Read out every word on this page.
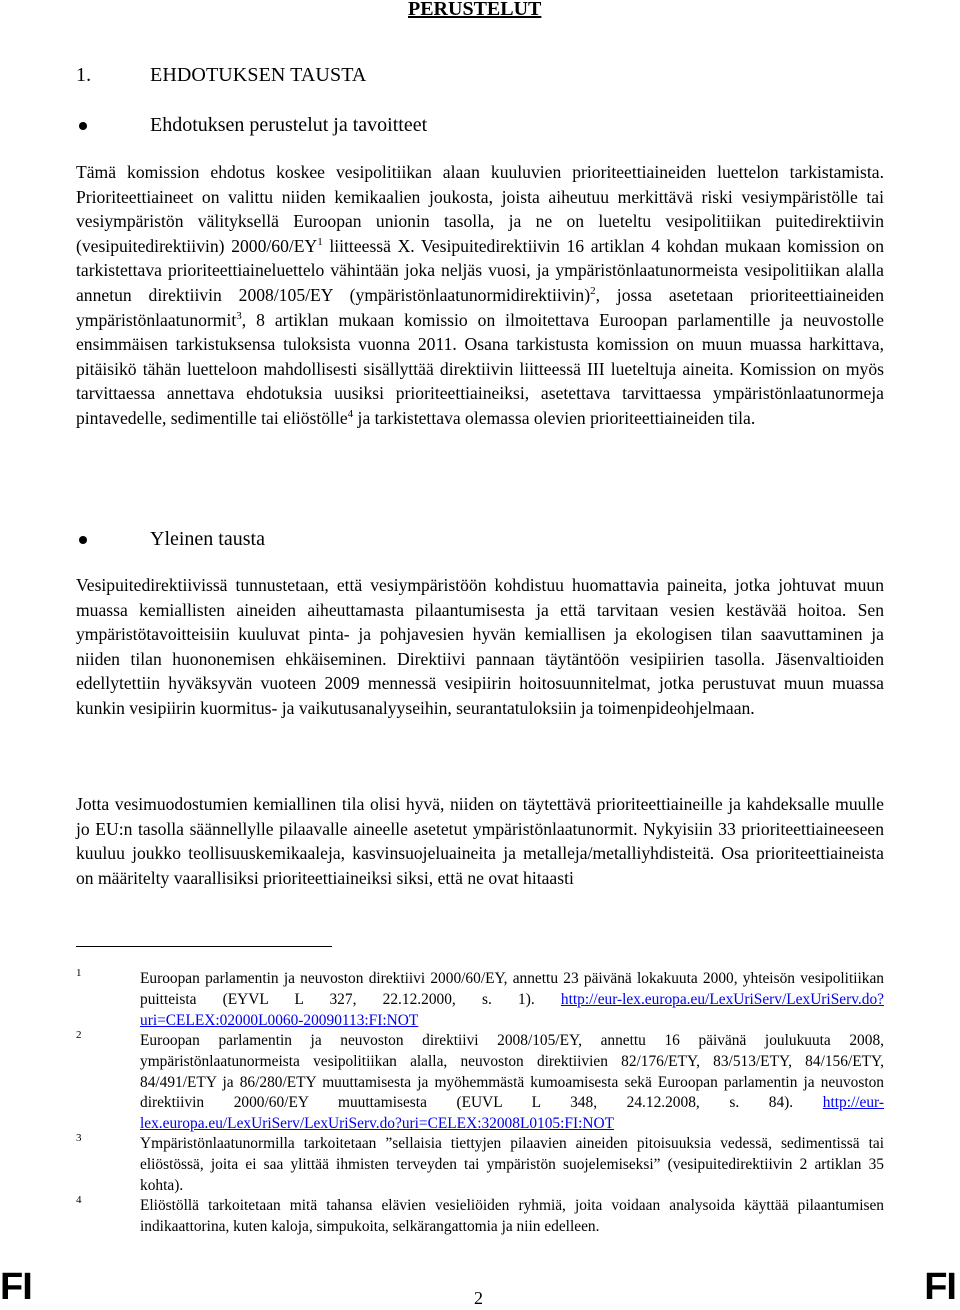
PERUSTELUT
1.	EHDOTUKSEN TAUSTA
Ehdotuksen perustelut ja tavoitteet

Tämä komission ehdotus koskee vesipolitiikan alaan kuuluvien prioriteettiaineiden luettelon tarkistamista. Prioriteettiaineet on valittu niiden kemikaalien joukosta, joista aiheutuu merkittävä riski vesiympäristölle tai vesiympäristön välityksellä Euroopan unionin tasolla, ja ne on lueteltu vesipolitiikan puitedirektiivin (vesipuitedirektiivin) $2000/60/EY^1$ liitteessä X. Vesipuitedirektiivin 16 artiklan 4 kohdan mukaan komission on tarkistettava prioriteettiaineluettelo vähintään joka neljäs vuosi, ja ympäristönlaatunormeista vesipolitiikan alalla annetun direktiivin 2008/105/EY (ympäristönlaatunormidirektiivin)$^2$, jossa asetetaan prioriteettiaineiden ympäristönlaatunormit$^3$, 8 artiklan mukaan komissio on ilmoitettava Euroopan parlamentille ja neuvostolle ensimmäisen tarkistuksensa tuloksista vuonna 2011. Osana tarkistusta komission on muun muassa harkittava, pitäisikö tähän luetteloon mahdollisesti sisällyttää direktiivin liitteessä III lueteltuja aineita. Komission on myös tarvittaessa annettava ehdotuksia uusiksi prioriteettiaineiksi, asetettava tarvittaessa ympäristönlaatunormeja pintavedelle, sedimentille tai eliöstölle$^4$ ja tarkistettava olemassa olevien prioriteettiaineiden tila.

Yleinen tausta

Vesipuitedirektiivissä tunnustetaan, että vesiympäristöön kohdistuu huomattavia paineita, jotka johtuvat muun muassa kemiallisten aineiden aiheuttamasta pilaantumisesta ja että tarvitaan vesien kestävää hoitoa. Sen ympäristötavoitteisiin kuuluvat pinta- ja pohjavesien hyvän kemiallisen ja ekologisen tilan saavuttaminen ja niiden tilan huononemisen ehkäiseminen. Direktiivi pannaan täytäntöön vesipiirien tasolla. Jäsenvaltioiden edellytettiin hyväksyvän vuoteen 2009 mennessä vesipiirin hoitosuunnitelmat, jotka perustuvat muun muassa kunkin vesipiirin kuormitus- ja vaikutusanalyyseihin, seurantatuloksiin ja toimenpideohjelmaan.

Jotta vesimuodostumien kemiallinen tila olisi hyvä, niiden on täytettävä prioriteettiaineille ja kahdeksalle muulle jo EU:n tasolla säännellylle pilaavalle aineelle asetetut ympäristönlaatunormit. Nykyisiin 33 prioriteettiaineeseen kuuluu joukko teollisuuskemikaaleja, kasvinsuojeluaineita ja metalleja/metalliyhdisteitä. Osa prioriteettiaineista on määritelty vaarallisiksi prioriteettiaineiksi siksi, että ne ovat hitaasti

1	Euroopan parlamentin ja neuvoston direktiivi 2000/60/EY, annettu 23 päivänä lokakuuta 2000, yhteisön vesipolitiikan puitteista (EYVL L 327, 22.12.2000, s. 1). http://eur-lex.europa.eu/LexUriServ/LexUriServ.do?uri=CELEX:02000L0060-20090113:FI:NOT
2	Euroopan parlamentin ja neuvoston direktiivi 2008/105/EY, annettu 16 päivänä joulukuuta 2008, ympäristönlaatunormeista vesipolitiikan alalla, neuvoston direktiivien 82/176/ETY, 83/513/ETY, 84/156/ETY, 84/491/ETY ja 86/280/ETY muuttamisesta ja myöhemmästä kumoamisesta sekä Euroopan parlamentin ja neuvoston direktiivin 2000/60/EY muuttamisesta (EUVL L 348, 24.12.2008, s. 84). http://eur-lex.europa.eu/LexUriServ/LexUriServ.do?uri=CELEX:32008L0105:FI:NOT
3	Ympäristönlaatunormilla tarkoitetaan ”sellaisia tiettyjen pilaavien aineiden pitoisuuksia vedessä, sedimentissä tai eliöstössä, joita ei saa ylittää ihmisten terveyden tai ympäristön suojelemiseksi” (vesipuitedirektiivin 2 artiklan 35 kohta).
4	Eliöstöllä tarkoitetaan mitä tahansa elävien vesieliöiden ryhmiä, joita voidaan analysoida käyttää pilaantumisen indikaattorina, kuten kaloja, simpukoita, selkärangattomia ja niin edelleen.
FI	2	FI
